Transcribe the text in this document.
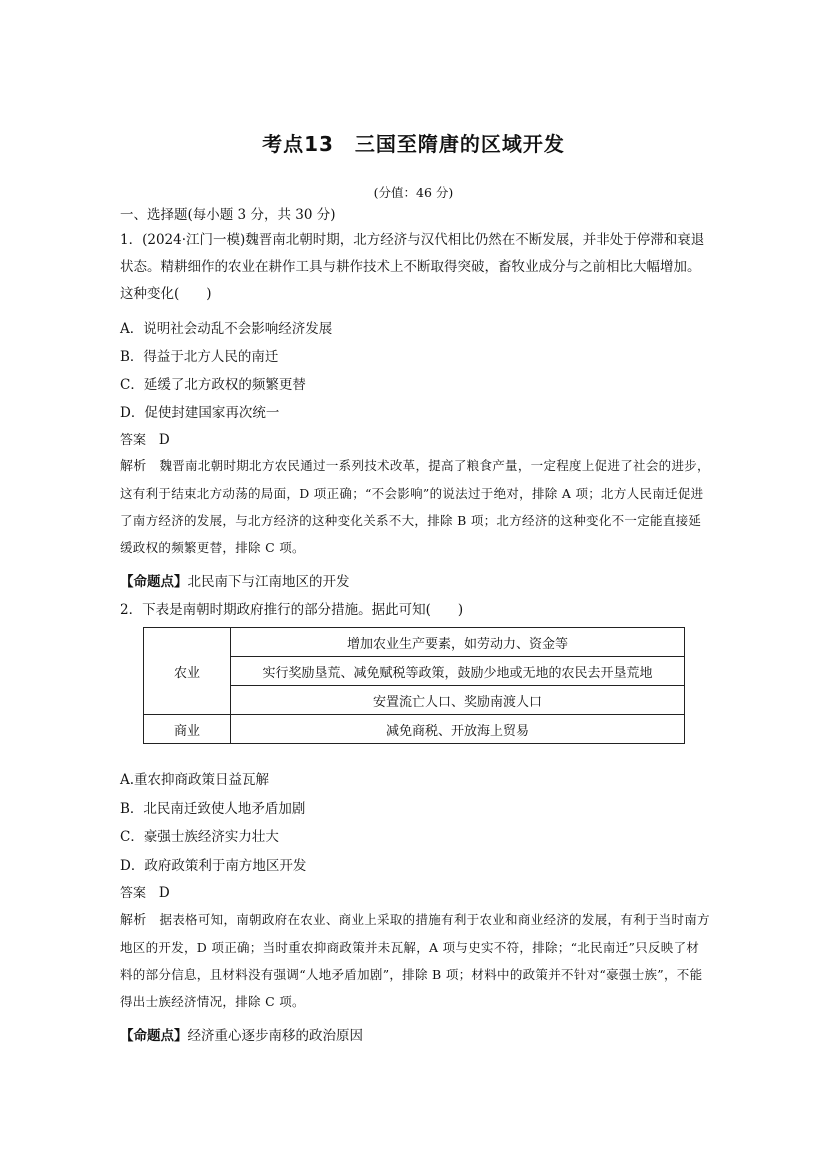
考点13　三国至隋唐的区域开发
(分值：46 分)
一、选择题(每小题 3 分，共 30 分)
1．(2024·江门一模)魏晋南北朝时期，北方经济与汉代相比仍然在不断发展，并非处于停滞和衰退状态。精耕细作的农业在耕作工具与耕作技术上不断取得突破，畜牧业成分与之前相比大幅增加。这种变化(　　)
A．说明社会动乱不会影响经济发展
B．得益于北方人民的南迁
C．延缓了北方政权的频繁更替
D．促使封建国家再次统一
答案 D
解析 魏晋南北朝时期北方农民通过一系列技术改革，提高了粮食产量，一定程度上促进了社会的进步，这有利于结束北方动荡的局面，D 项正确；“不会影响”的说法过于绝对，排除 A 项；北方人民南迁促进了南方经济的发展，与北方经济的这种变化关系不大，排除 B 项；北方经济的这种变化不一定能直接延缓政权的频繁更替，排除 C 项。
【命题点】北民南下与江南地区的开发
2．下表是南朝时期政府推行的部分措施。据此可知(　　)
农业	增加农业生产要素，如劳动力、资金等
	实行奖励垦荒、减免赋税等政策，鼓励少地或无地的农民去开垦荒地
	安置流亡人口、奖励南渡人口
商业	减免商税、开放海上贸易
A.重农抑商政策日益瓦解
B．北民南迁致使人地矛盾加剧
C．豪强士族经济实力壮大
D．政府政策利于南方地区开发
答案 D
解析 据表格可知，南朝政府在农业、商业上采取的措施有利于农业和商业经济的发展，有利于当时南方地区的开发，D 项正确；当时重农抑商政策并未瓦解，A 项与史实不符，排除；“北民南迁”只反映了材料的部分信息，且材料没有强调“人地矛盾加剧”，排除 B 项；材料中的政策并不针对“豪强士族”，不能得出士族经济情况，排除 C 项。
【命题点】经济重心逐步南移的政治原因
